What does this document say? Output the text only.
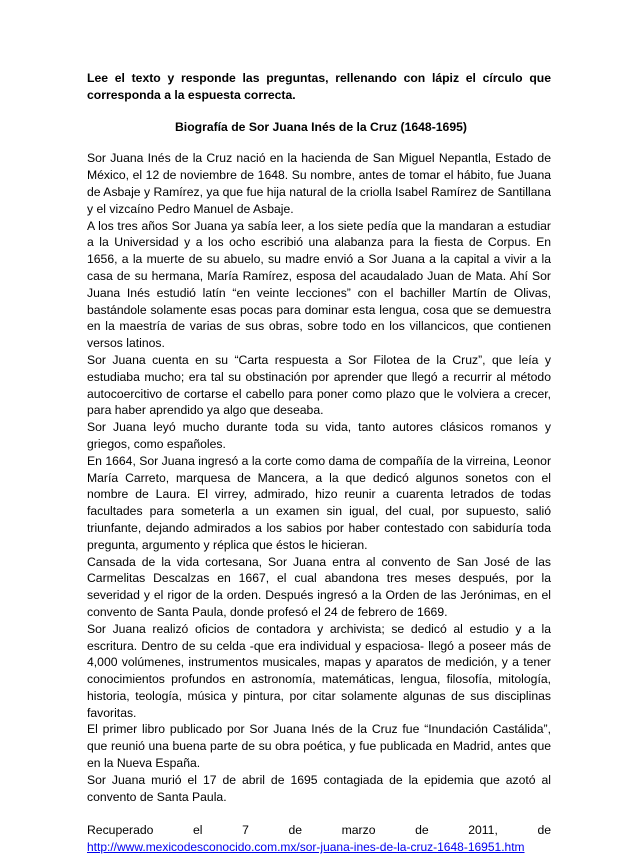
Lee el texto y responde las preguntas, rellenando con lápiz el círculo que corresponda a la espuesta correcta.

Biografía de Sor Juana Inés de la Cruz (1648-1695)

Sor Juana Inés de la Cruz nació en la hacienda de San Miguel Nepantla, Estado de México, el 12 de noviembre de 1648. Su nombre, antes de tomar el hábito, fue Juana de Asbaje y Ramírez, ya que fue hija natural de la criolla Isabel Ramírez de Santillana y el vizcaíno Pedro Manuel de Asbaje.

A los tres años Sor Juana ya sabía leer, a los siete pedía que la mandaran a estudiar a la Universidad y a los ocho escribió una alabanza para la fiesta de Corpus. En 1656, a la muerte de su abuelo, su madre envió a Sor Juana a la capital a vivir a la casa de su hermana, María Ramírez, esposa del acaudalado Juan de Mata. Ahí Sor Juana Inés estudió latín “en veinte lecciones” con el bachiller Martín de Olivas, bastándole solamente esas pocas para dominar esta lengua, cosa que se demuestra en la maestría de varias de sus obras, sobre todo en los villancicos, que contienen versos latinos.

Sor Juana cuenta en su “Carta respuesta a Sor Filotea de la Cruz”, que leía y estudiaba mucho; era tal su obstinación por aprender que llegó a recurrir al método autocoercitivo de cortarse el cabello para poner como plazo que le volviera a crecer, para haber aprendido ya algo que deseaba.

Sor Juana leyó mucho durante toda su vida, tanto autores clásicos romanos y griegos, como españoles.

En 1664, Sor Juana ingresó a la corte como dama de compañía de la virreina, Leonor María Carreto, marquesa de Mancera, a la que dedicó algunos sonetos con el nombre de Laura. El virrey, admirado, hizo reunir a cuarenta letrados de todas facultades para someterla a un examen sin igual, del cual, por supuesto, salió triunfante, dejando admirados a los sabios por haber contestado con sabiduría toda pregunta, argumento y réplica que éstos le hicieran.

Cansada de la vida cortesana, Sor Juana entra al convento de San José de las Carmelitas Descalzas en 1667, el cual abandona tres meses después, por la severidad y el rigor de la orden. Después ingresó a la Orden de las Jerónimas, en el convento de Santa Paula, donde profesó el 24 de febrero de 1669.

Sor Juana realizó oficios de contadora y archivista; se dedicó al estudio y a la escritura. Dentro de su celda -que era individual y espaciosa- llegó a poseer más de 4,000 volúmenes, instrumentos musicales, mapas y aparatos de medición, y a tener conocimientos profundos en astronomía, matemáticas, lengua, filosofía, mitología, historia, teología, música y pintura, por citar solamente algunas de sus disciplinas favoritas.

El primer libro publicado por Sor Juana Inés de la Cruz fue “Inundación Castálida”, que reunió una buena parte de su obra poética, y fue publicada en Madrid, antes que en la Nueva España.

Sor Juana murió el 17 de abril de 1695 contagiada de la epidemia que azotó al convento de Santa Paula.

Recuperado	el	7	de	marzo	de	2011,	de
http://www.mexicodesconocido.com.mx/sor-juana-ines-de-la-cruz-1648-16951.htm
